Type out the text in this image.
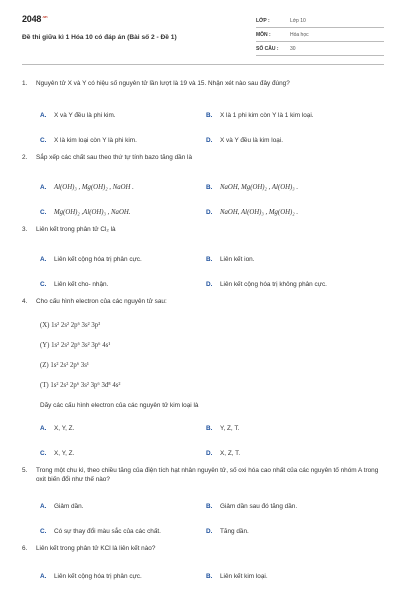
$2048^{.vn}$
Đề thi giữa kì 1 Hóa 10 có đáp án (Bài số 2 - Đề 1)
LỚP :	Lớp 10
MÔN :	Hóa học
SỐ CÂU :	30
1.	Nguyên tử X và Y có hiệu số nguyên tử lần lượt là 19 và 15. Nhận xét nào sau đây đúng?
A.	X và Y đều là phi kim.	B.	X là 1 phi kim còn Y là 1 kim loại.
C.	X là kim loại còn Y là phi kim.	D.	X và Y đều là kim loại.
2.	Sắp xếp các chất sau theo thứ tự tính bazo tăng dần là
A.	Al(OH)₃ , Mg(OH)₂ , NaOH .	B.	NaOH, Mg(OH)₂ , Al(OH)₃ .
C.	Mg(OH)₂ ,Al(OH)₃ , NaOH.	D.	NaOH, Al(OH)₃ , Mg(OH)₂ .
3.	Liên kết trong phân tử Cl₂ là
A.	Liên kết cộng hóa trị phân cực.	B.	Liên kết ion.
C.	Liên kết cho- nhận.	D.	Liên kết cộng hóa trị không phân cực.
4.	Cho cấu hình electron của các nguyên tử sau:
(X) 1s² 2s² 2p⁶ 3s² 3p³
(Y) 1s² 2s² 2p⁶ 3s² 3p⁶ 4s¹
(Z) 1s² 2s² 2p⁶ 3s¹
(T) 1s² 2s² 2p⁶ 3s² 3p⁶ 3d⁸ 4s²
Dãy các cấu hình electron của các nguyên tử kim loại là
A.	X, Y, Z.	B.	Y, Z, T.
C.	X, Y, Z.	D.	X, Z, T.
5.	Trong một chu kì, theo chiều tăng của điện tích hạt nhân nguyên tử, số oxi hóa cao nhất của các nguyên tố nhóm A trong oxit biến đổi như thế nào?
A.	Giảm dần.	B.	Giảm dần sau đó tăng dần.
C.	Có sự thay đổi màu sắc của các chất.	D.	Tăng dần.
6.	Liên kết trong phân tử KCl là liên kết nào?
A.	Liên kết cộng hóa trị phân cực.	B.	Liên kết kim loại.
